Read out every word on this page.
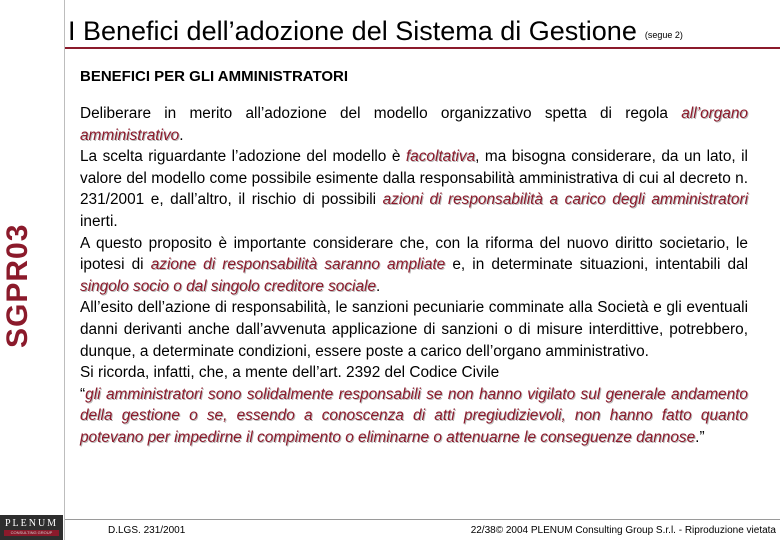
SGPR03
PLENUM
CONSULTING GROUP
I Benefici dell’adozione del Sistema di Gestione (segue 2)
BENEFICI PER GLI AMMINISTRATORI

Deliberare in merito all’adozione del modello organizzativo spetta di regola all’organo amministrativo.

La scelta riguardante l’adozione del modello è facoltativa, ma bisogna considerare, da un lato, il valore del modello come possibile esimente dalla responsabilità amministrativa di cui al decreto n. 231/2001 e, dall’altro, il rischio di possibili azioni di responsabilità a carico degli amministratori inerti.

A questo proposito è importante considerare che, con la riforma del nuovo diritto societario, le ipotesi di azione di responsabilità saranno ampliate e, in determinate situazioni, intentabili dal singolo socio o dal singolo creditore sociale.

All’esito dell’azione di responsabilità, le sanzioni pecuniarie comminate alla Società e gli eventuali danni derivanti anche dall’avvenuta applicazione di sanzioni o di misure interdittive, potrebbero, dunque, a determinate condizioni, essere poste a carico dell’organo amministrativo.

Si ricorda, infatti, che, a mente dell’art. 2392 del Codice Civile

“gli amministratori sono solidalmente responsabili se non hanno vigilato sul generale andamento della gestione o se, essendo a conoscenza di atti pregiudizievoli, non hanno fatto quanto potevano per impedirne il compimento o eliminarne o attenuarne le conseguenze dannose.”

D.LGS. 231/2001	22/38© 2004 PLENUM Consulting Group S.r.l. - Riproduzione vietata
